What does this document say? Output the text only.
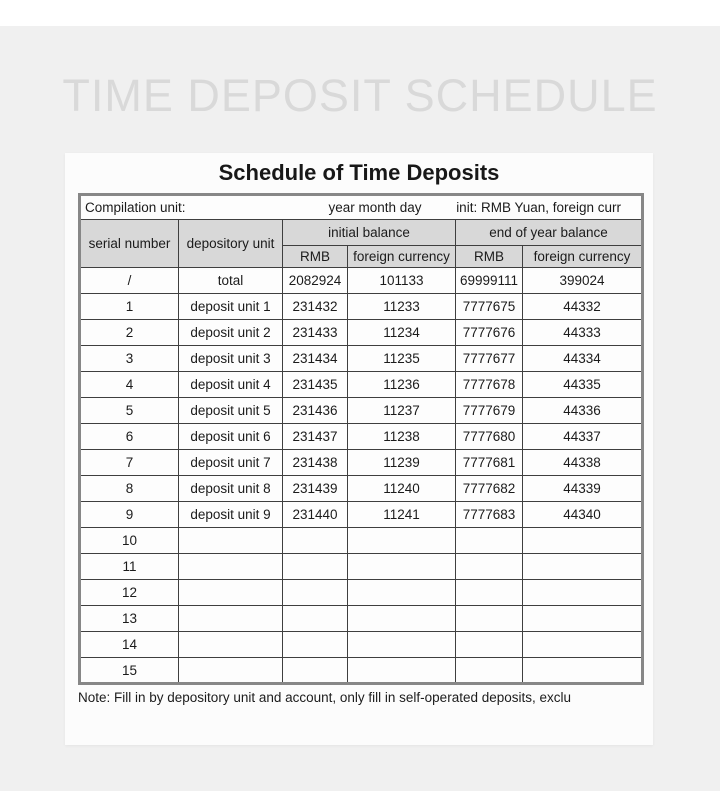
TIME DEPOSIT SCHEDULE
Schedule of Time Deposits
Compilation unit: year month day init: RMB Yuan, foreign curr					

serial number	depository unit	initial balance		end of year balance	
		RMB	foreign currency	RMB	foreign currency
/	total	2082924	101133	69999111	399024
1	deposit unit 1	231432	11233	7777675	44332
2	deposit unit 2	231433	11234	7777676	44333
3	deposit unit 3	231434	11235	7777677	44334
4	deposit unit 4	231435	11236	7777678	44335
5	deposit unit 5	231436	11237	7777679	44336
6	deposit unit 6	231437	11238	7777680	44337
7	deposit unit 7	231438	11239	7777681	44338
8	deposit unit 8	231439	11240	7777682	44339
9	deposit unit 9	231440	11241	7777683	44340
10					
11					
12					
13					
14					
15					
Note: Fill in by depository unit and account, only fill in self-operated deposits, exclu
